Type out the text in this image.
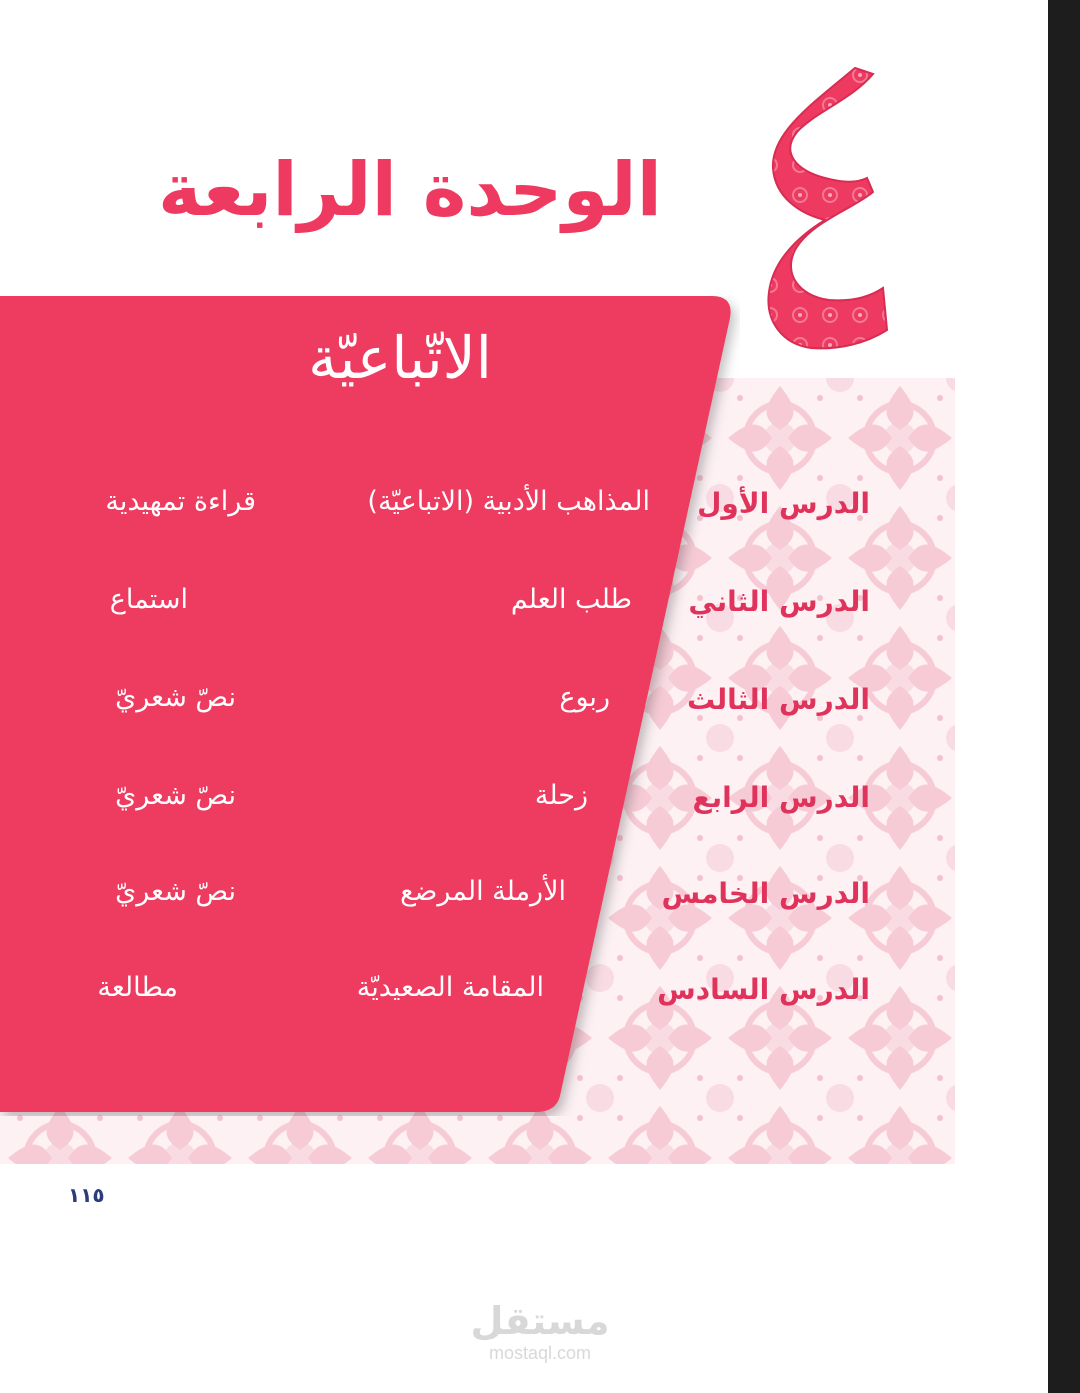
الوحدة الرابعة
الاتّباعيّة
الدرس الأول
المذاهب الأدبية (الاتباعيّة)
قراءة تمهيدية
الدرس الثاني
طلب العلم
استماع
الدرس الثالث
ربوع
نصّ شعريّ
الدرس الرابع
زحلة
نصّ شعريّ
الدرس الخامس
الأرملة المرضع
نصّ شعريّ
الدرس السادس
المقامة الصعيديّة
مطالعة
١١٥
مستقل
mostaql.com
